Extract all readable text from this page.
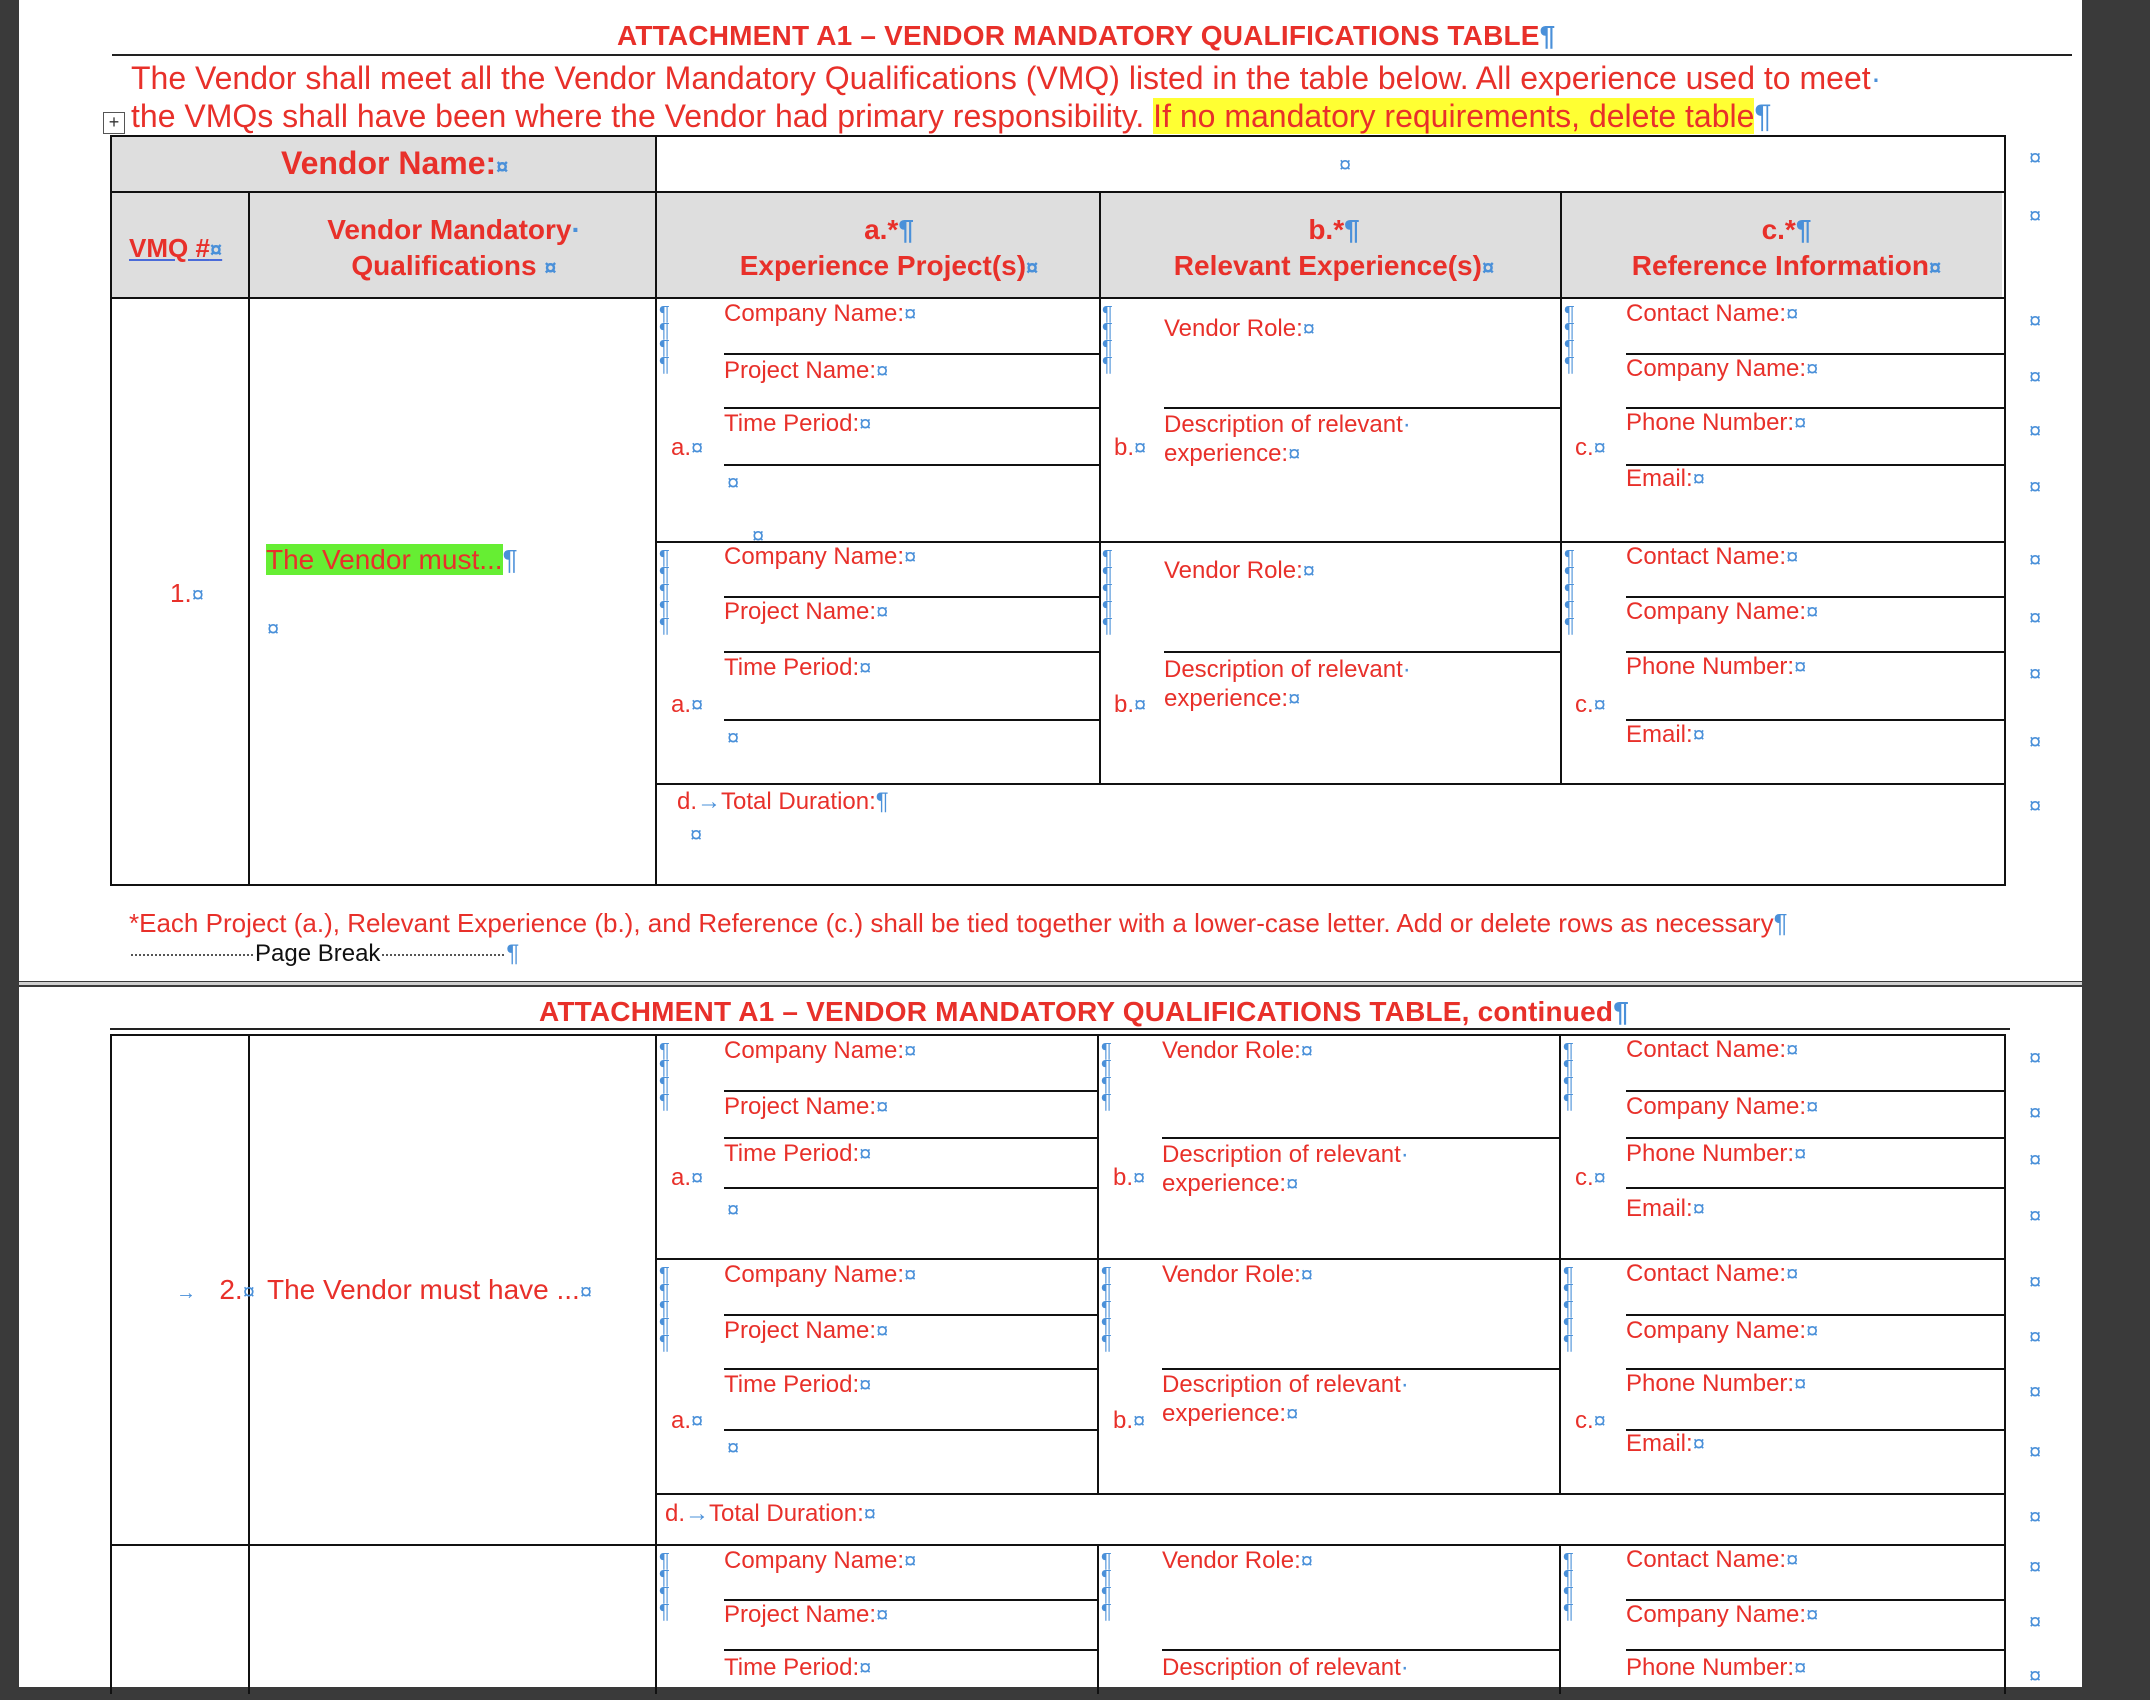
ATTACHMENT A1 – VENDOR MANDATORY QUALIFICATIONS TABLE¶
The Vendor shall meet all the Vendor Mandatory Qualifications (VMQ) listed in the table below. All experience used to meet·
+ the VMQs shall have been where the Vendor had primary responsibility. If no mandatory requirements, delete table¶
Vendor Name:¤	¤
VMQ #¤
Vendor Mandatory·
Qualifications ¤
a.*¶
Experience Project(s)¤
b.*¶
Relevant Experience(s)¤
c.*¶
Reference Information¤
1.¤
The Vendor must...¶
¤
¶
¶
¶
¶
Company Name:¤
Project Name:¤
Time Period:¤
a.¤
¤
¤
¶
¶
¶
¶
Vendor Role:¤
Description of relevant·
experience:¤
b.¤
¶
¶
¶
¶
Contact Name:¤
Company Name:¤
Phone Number:¤
c.¤
Email:¤
¶
¶
¶
¶
¶
Company Name:¤
Project Name:¤
Time Period:¤
a.¤
¤
¶
¶
¶
¶
¶
Vendor Role:¤
Description of relevant·
experience:¤
b.¤
¶
¶
¶
¶
¶
Contact Name:¤
Company Name:¤
Phone Number:¤
c.¤
Email:¤
d.→Total Duration:¶
¤
¤
¤
¤
¤
¤
¤
¤
¤
¤
¤
¤
*Each Project (a.), Relevant Experience (b.), and Reference (c.) shall be tied together with a lower-case letter. Add or delete rows as necessary¶
Page Break	¶
ATTACHMENT A1 – VENDOR MANDATORY QUALIFICATIONS TABLE, continued¶
→ 2.¤ The Vendor must have ...¤
¶
¶
¶
¶
Company Name:¤
Project Name:¤
Time Period:¤
a.¤
¤
¶
¶
¶
¶
Vendor Role:¤
Description of relevant·
experience:¤
b.¤
¶
¶
¶
¶
Contact Name:¤
Company Name:¤
Phone Number:¤
c.¤
Email:¤
¶
¶
¶
¶
¶
Company Name:¤
Project Name:¤
Time Period:¤
a.¤
¤
¶
¶
¶
¶
¶
Vendor Role:¤
Description of relevant·
experience:¤
b.¤
¶
¶
¶
¶
¶
Contact Name:¤
Company Name:¤
Phone Number:¤
c.¤
Email:¤
d.→Total Duration:¤
¶
¶
¶
¶
Company Name:¤
Project Name:¤
Time Period:¤
¶
¶
¶
¶
Vendor Role:¤
Description of relevant·
¶
¶
¶
¶
Contact Name:¤
Company Name:¤
Phone Number:¤
¤
¤
¤
¤
¤
¤
¤
¤
¤
¤
¤
¤
